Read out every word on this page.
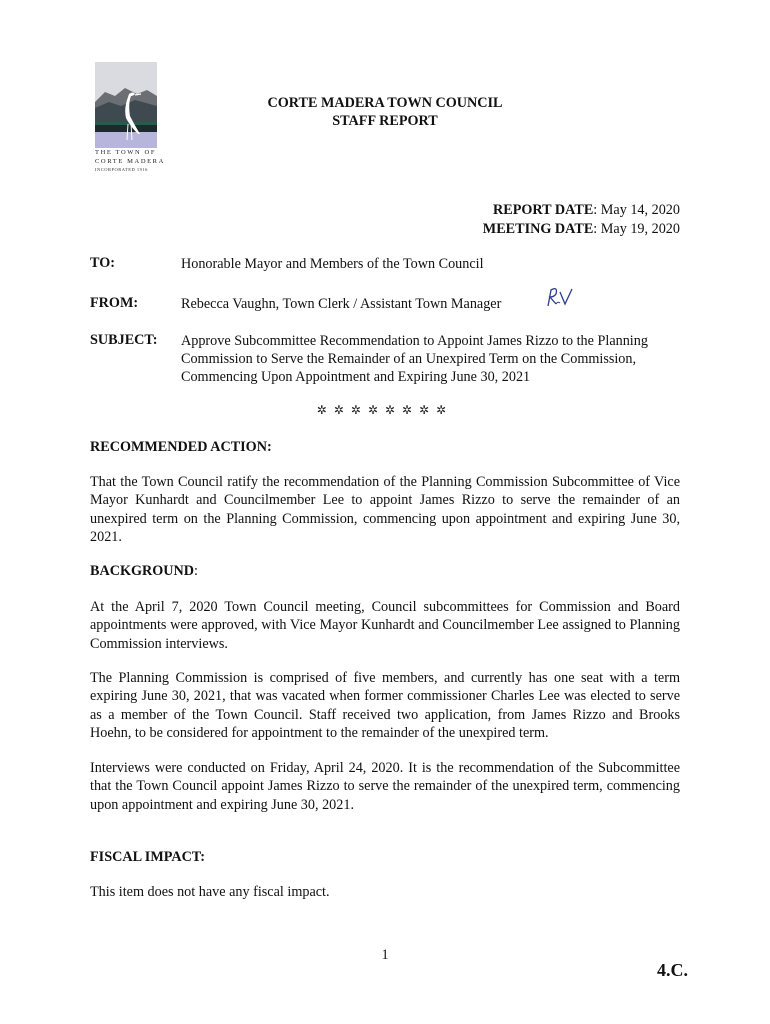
THE TOWN OF
CORTE MADERA
INCORPORATED 1916
CORTE MADERA TOWN COUNCIL
STAFF REPORT
REPORT DATE: May 14, 2020
MEETING DATE: May 19, 2020
TO:	Honorable Mayor and Members of the Town Council
FROM:	Rebecca Vaughn, Town Clerk / Assistant Town Manager
SUBJECT: Approve Subcommittee Recommendation to Appoint James Rizzo to the Planning
Commission to Serve the Remainder of an Unexpired Term on the Commission,
Commencing Upon Appointment and Expiring June 30, 2021
✲✲✲✲✲✲✲✲
RECOMMENDED ACTION:
That the Town Council ratify the recommendation of the Planning Commission Subcommittee of Vice Mayor Kunhardt and Councilmember Lee to appoint James Rizzo to serve the remainder of an unexpired term on the Planning Commission, commencing upon appointment and expiring June 30, 2021.
BACKGROUND:
At the April 7, 2020 Town Council meeting, Council subcommittees for Commission and Board appointments were approved, with Vice Mayor Kunhardt and Councilmember Lee assigned to Planning Commission interviews.
The Planning Commission is comprised of five members, and currently has one seat with a term expiring June 30, 2021, that was vacated when former commissioner Charles Lee was elected to serve as a member of the Town Council. Staff received two application, from James Rizzo and Brooks Hoehn, to be considered for appointment to the remainder of the unexpired term.
Interviews were conducted on Friday, April 24, 2020. It is the recommendation of the Subcommittee that the Town Council appoint James Rizzo to serve the remainder of the unexpired term, commencing upon appointment and expiring June 30, 2021.
FISCAL IMPACT:
This item does not have any fiscal impact.
1
4.C.
